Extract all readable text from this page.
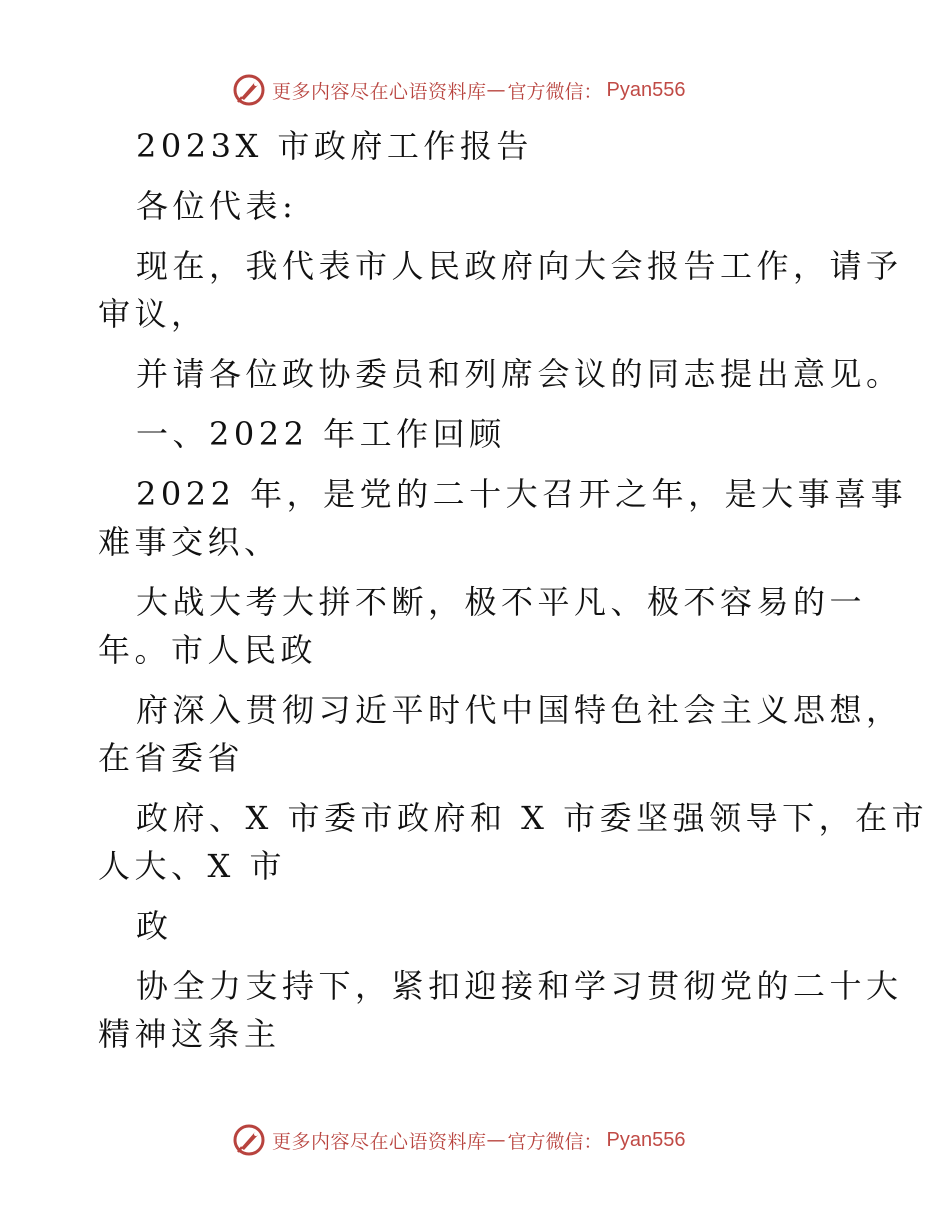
更多内容尽在心语资料库 — 官方微信： Pyan556
2023X 市政府工作报告
各位代表:
现在，我代表市人民政府向大会报告工作，请予
审议，
并请各位政协委员和列席会议的同志提出意见。
一、2022 年工作回顾
2022 年，是党的二十大召开之年，是大事喜事
难事交织、
大战大考大拼不断，极不平凡、极不容易的一
年。市人民政
府深入贯彻习近平时代中国特色社会主义思想，
在省委省
政府、X 市委市政府和 X 市委坚强领导下，在市
人大、X 市
政
协全力支持下，紧扣迎接和学习贯彻党的二十大
精神这条主
更多内容尽在心语资料库 — 官方微信： Pyan556
